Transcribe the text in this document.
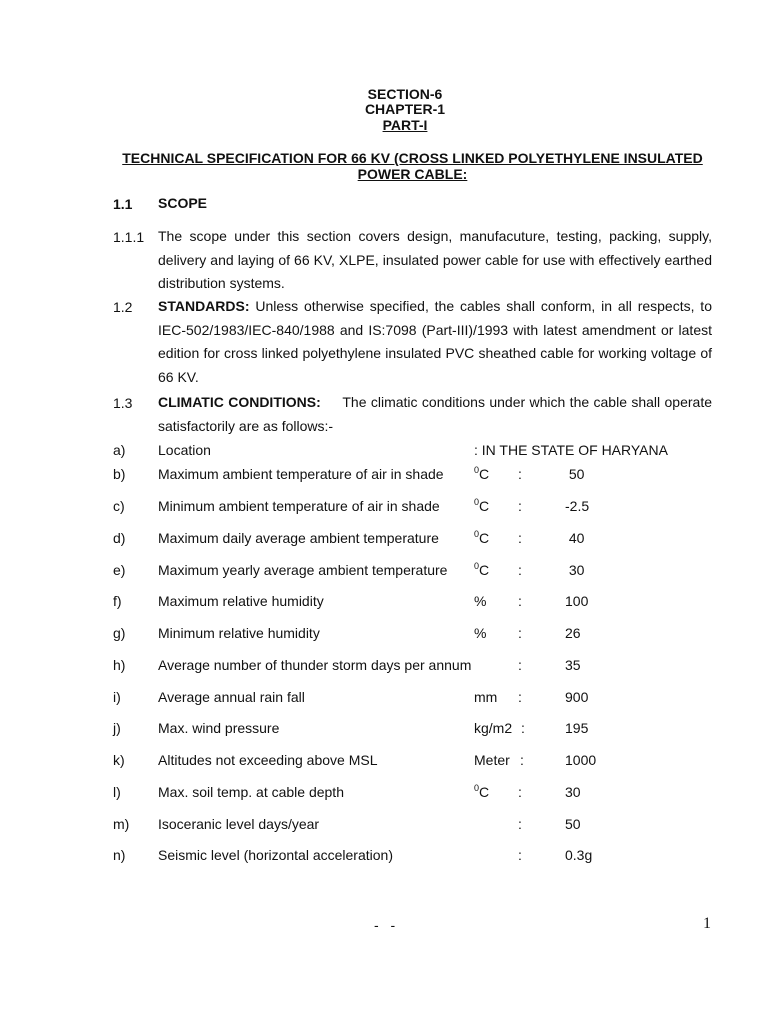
SECTION-6
CHAPTER-1
PART-I
TECHNICAL SPECIFICATION FOR 66 KV (CROSS LINKED POLYETHYLENE INSULATED
POWER CABLE:
1.1 SCOPE
1.1.1 The scope under this section covers design, manufacuture, testing, packing, supply, delivery and laying of 66 KV, XLPE, insulated power cable for use with effectively earthed distribution systems.
1.2 STANDARDS: Unless otherwise specified, the cables shall conform, in all respects, to IEC-502/1983/IEC-840/1988 and IS:7098 (Part-III)/1993 with latest amendment or latest edition for cross linked polyethylene insulated PVC sheathed cable for working voltage of 66 KV.
1.3 CLIMATIC CONDITIONS:     The climatic conditions under which the cable shall operate satisfactorily are as follows:-
a) Location	: IN THE STATE OF HARYANA
b) Maximum ambient temperature of air in shade	$^0$C :	50
c) Minimum ambient temperature of air in shade	$^0$C :	-2.5
d) Maximum daily average ambient temperature	$^0$C :	40
e) Maximum yearly average ambient temperature	$^0$C :	30
f)	Maximum relative humidity	% :	100
g) Minimum relative humidity	% :	26
h) Average number of thunder storm days per annum	:	35
i)	Average annual rain fall	mm :	900
j)	Max. wind pressure	kg/m2 :	195
k) Altitudes not exceeding above MSL	Meter :	1000
l)	Max. soil temp. at cable depth	$^0$C :	30
m) Isoceranic level days/year	:	50
n) Seismic level (horizontal acceleration)	:	0.3g
- -	1
